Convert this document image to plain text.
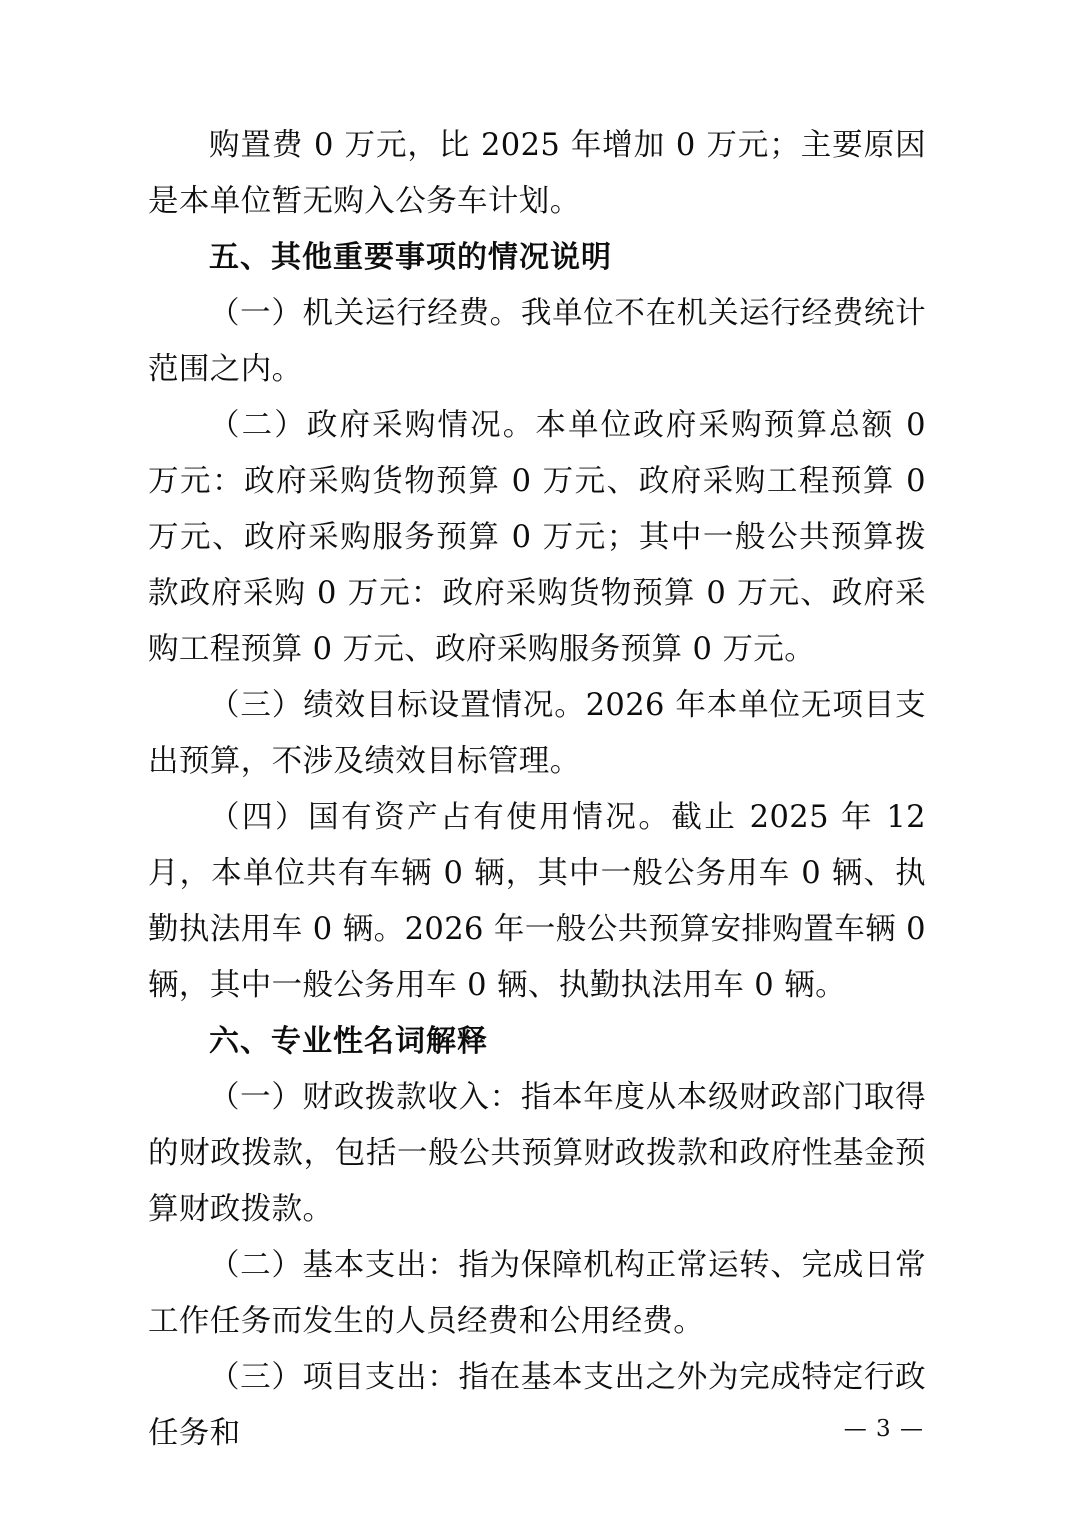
购置费 0 万元，比 2025 年增加 0 万元；主要原因是本单位暂无购入公务车计划。

五、其他重要事项的情况说明

（一）机关运行经费。我单位不在机关运行经费统计范围之内。

（二）政府采购情况。本单位政府采购预算总额 0 万元：政府采购货物预算 0 万元、政府采购工程预算 0 万元、政府采购服务预算 0 万元；其中一般公共预算拨款政府采购 0 万元：政府采购货物预算 0 万元、政府采购工程预算 0 万元、政府采购服务预算 0 万元。

（三）绩效目标设置情况。2026 年本单位无项目支出预算，不涉及绩效目标管理。

（四）国有资产占有使用情况。截止 2025 年 12 月，本单位共有车辆 0 辆，其中一般公务用车 0 辆、执勤执法用车 0 辆。2026 年一般公共预算安排购置车辆 0 辆，其中一般公务用车 0 辆、执勤执法用车 0 辆。

六、专业性名词解释

（一）财政拨款收入：指本年度从本级财政部门取得的财政拨款，包括一般公共预算财政拨款和政府性基金预算财政拨款。

（二）基本支出：指为保障机构正常运转、完成日常工作任务而发生的人员经费和公用经费。

（三）项目支出：指在基本支出之外为完成特定行政任务和	— 3 —
